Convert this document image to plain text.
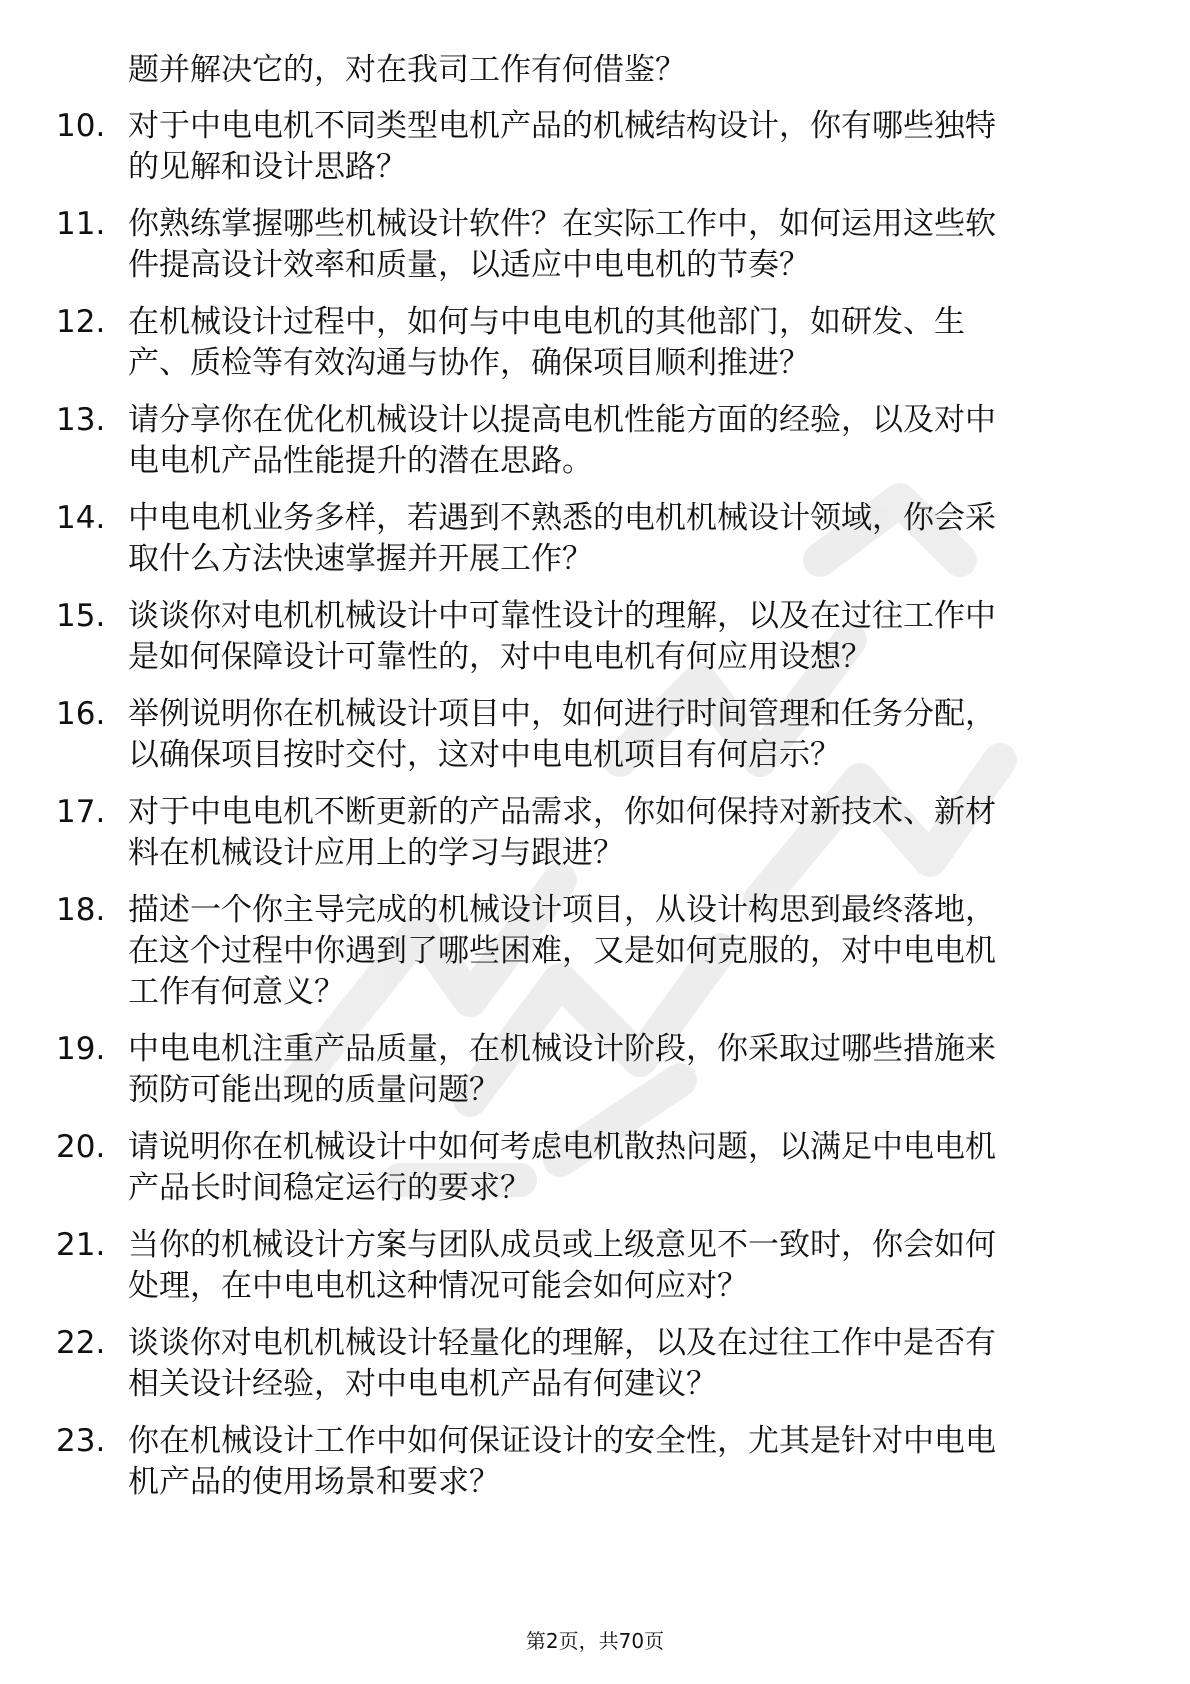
题并解决它的，对在我司工作有何借鉴？
10. 对于中电电机不同类型电机产品的机械结构设计，你有哪些独特
的见解和设计思路？
11. 你熟练掌握哪些机械设计软件？在实际工作中，如何运用这些软
件提高设计效率和质量，以适应中电电机的节奏？
12. 在机械设计过程中，如何与中电电机的其他部门，如研发、生
产、质检等有效沟通与协作，确保项目顺利推进？
13. 请分享你在优化机械设计以提高电机性能方面的经验，以及对中
电电机产品性能提升的潜在思路。
14. 中电电机业务多样，若遇到不熟悉的电机机械设计领域，你会采
取什么方法快速掌握并开展工作？
15. 谈谈你对电机机械设计中可靠性设计的理解，以及在过往工作中
是如何保障设计可靠性的，对中电电机有何应用设想？
16. 举例说明你在机械设计项目中，如何进行时间管理和任务分配，
以确保项目按时交付，这对中电电机项目有何启示？
17. 对于中电电机不断更新的产品需求，你如何保持对新技术、新材
料在机械设计应用上的学习与跟进？
18. 描述一个你主导完成的机械设计项目，从设计构思到最终落地，
在这个过程中你遇到了哪些困难，又是如何克服的，对中电电机
工作有何意义？
19. 中电电机注重产品质量，在机械设计阶段，你采取过哪些措施来
预防可能出现的质量问题？
20. 请说明你在机械设计中如何考虑电机散热问题，以满足中电电机
产品长时间稳定运行的要求？
21. 当你的机械设计方案与团队成员或上级意见不一致时，你会如何
处理，在中电电机这种情况可能会如何应对？
22. 谈谈你对电机机械设计轻量化的理解，以及在过往工作中是否有
相关设计经验，对中电电机产品有何建议？
23. 你在机械设计工作中如何保证设计的安全性，尤其是针对中电电
机产品的使用场景和要求？
第2页，共70页
